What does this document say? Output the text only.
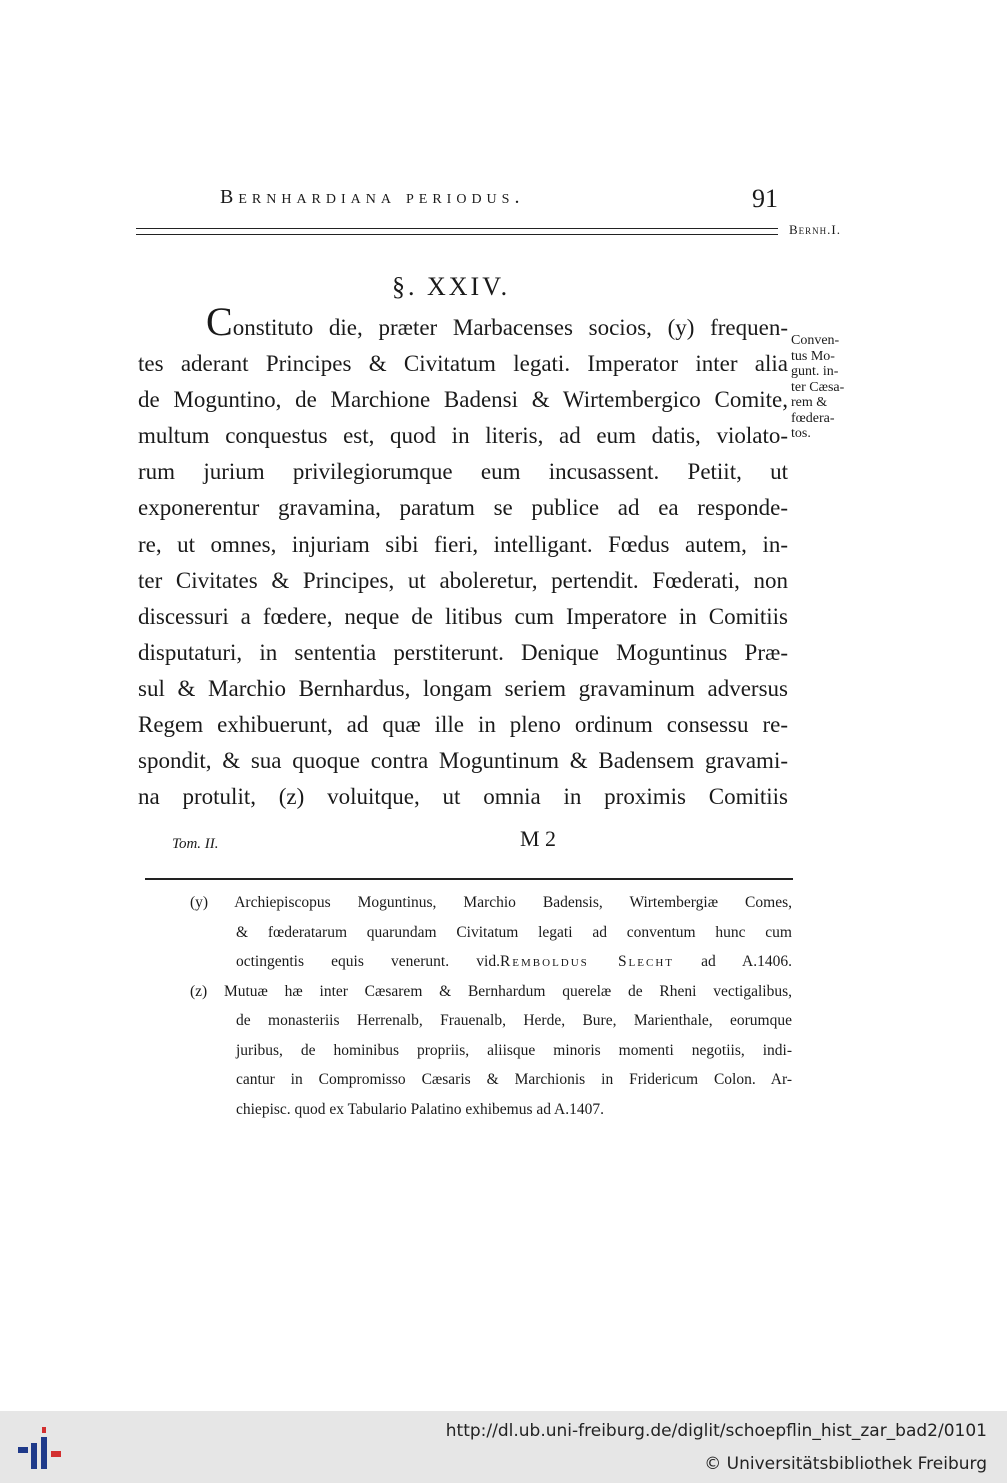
Bernhardiana periodus.	91
Bernh.I.
§. XXIV.
Constituto die, præter Marbacenses socios, (y) frequen-
tes aderant Principes & Civitatum legati. Imperator inter alia
de Moguntino, de Marchione Badensi & Wirtembergico Comite,
multum conquestus est, quod in literis, ad eum datis, violato-
rum jurium privilegiorumque eum incusassent. Petiit, ut
exponerentur gravamina, paratum se publice ad ea responde-
re, ut omnes, injuriam sibi fieri, intelligant. Fœdus autem, in-
ter Civitates & Principes, ut aboleretur, pertendit. Fœderati, non
discessuri a fœdere, neque de litibus cum Imperatore in Comitiis
disputaturi, in sententia perstiterunt. Denique Moguntinus Præ-
sul & Marchio Bernhardus, longam seriem gravaminum adversus
Regem exhibuerunt, ad quæ ille in pleno ordinum consessu re-
spondit, & sua quoque contra Moguntinum & Badensem gravami-
na protulit, (z) voluitque, ut omnia in proximis Comitiis
Conven-
tus Mo-
gunt. in-
ter Cæsa-
rem &
fœdera-
tos.
Tom. II.	M 2
(y) Archiepiscopus Moguntinus, Marchio Badensis, Wirtembergiæ Comes,
& fœderatarum quarundam Civitatum legati ad conventum hunc cum
octingentis equis venerunt. vid.Remboldus Slecht ad A.1406.
(z) Mutuæ hæ inter Cæsarem & Bernhardum querelæ de Rheni vectigalibus,
de monasteriis Herrenalb, Frauenalb, Herde, Bure, Marienthale, eorumque
juribus, de hominibus propriis, aliisque minoris momenti negotiis, indi-
cantur in Compromisso Cæsaris & Marchionis in Fridericum Colon. Ar-
chiepisc. quod ex Tabulario Palatino exhibemus ad A.1407.
http://dl.ub.uni-freiburg.de/diglit/schoepflin_hist_zar_bad2/0101
© Universitätsbibliothek Freiburg
